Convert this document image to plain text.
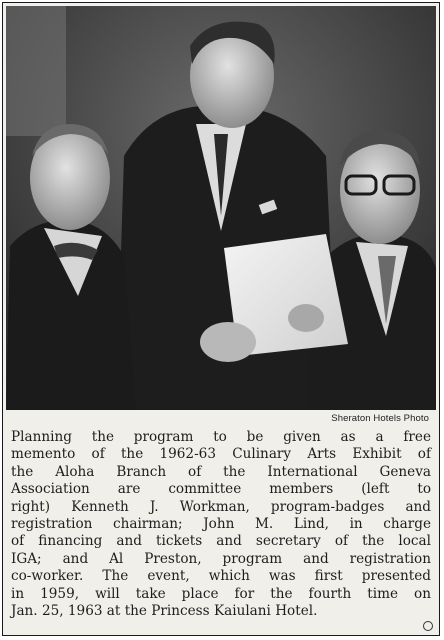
Sheraton Hotels Photo
Planning the program to be given as a free
memento of the 1962-63 Culinary Arts Exhibit of
the Aloha Branch of the International Geneva
Association are committee members (left to
right) Kenneth J. Workman, program-badges and
registration chairman; John M. Lind, in charge
of financing and tickets and secretary of the local
IGA; and Al Preston, program and registration
co-worker. The event, which was first presented
in 1959, will take place for the fourth time on
Jan. 25, 1963 at the Princess Kaiulani Hotel.
